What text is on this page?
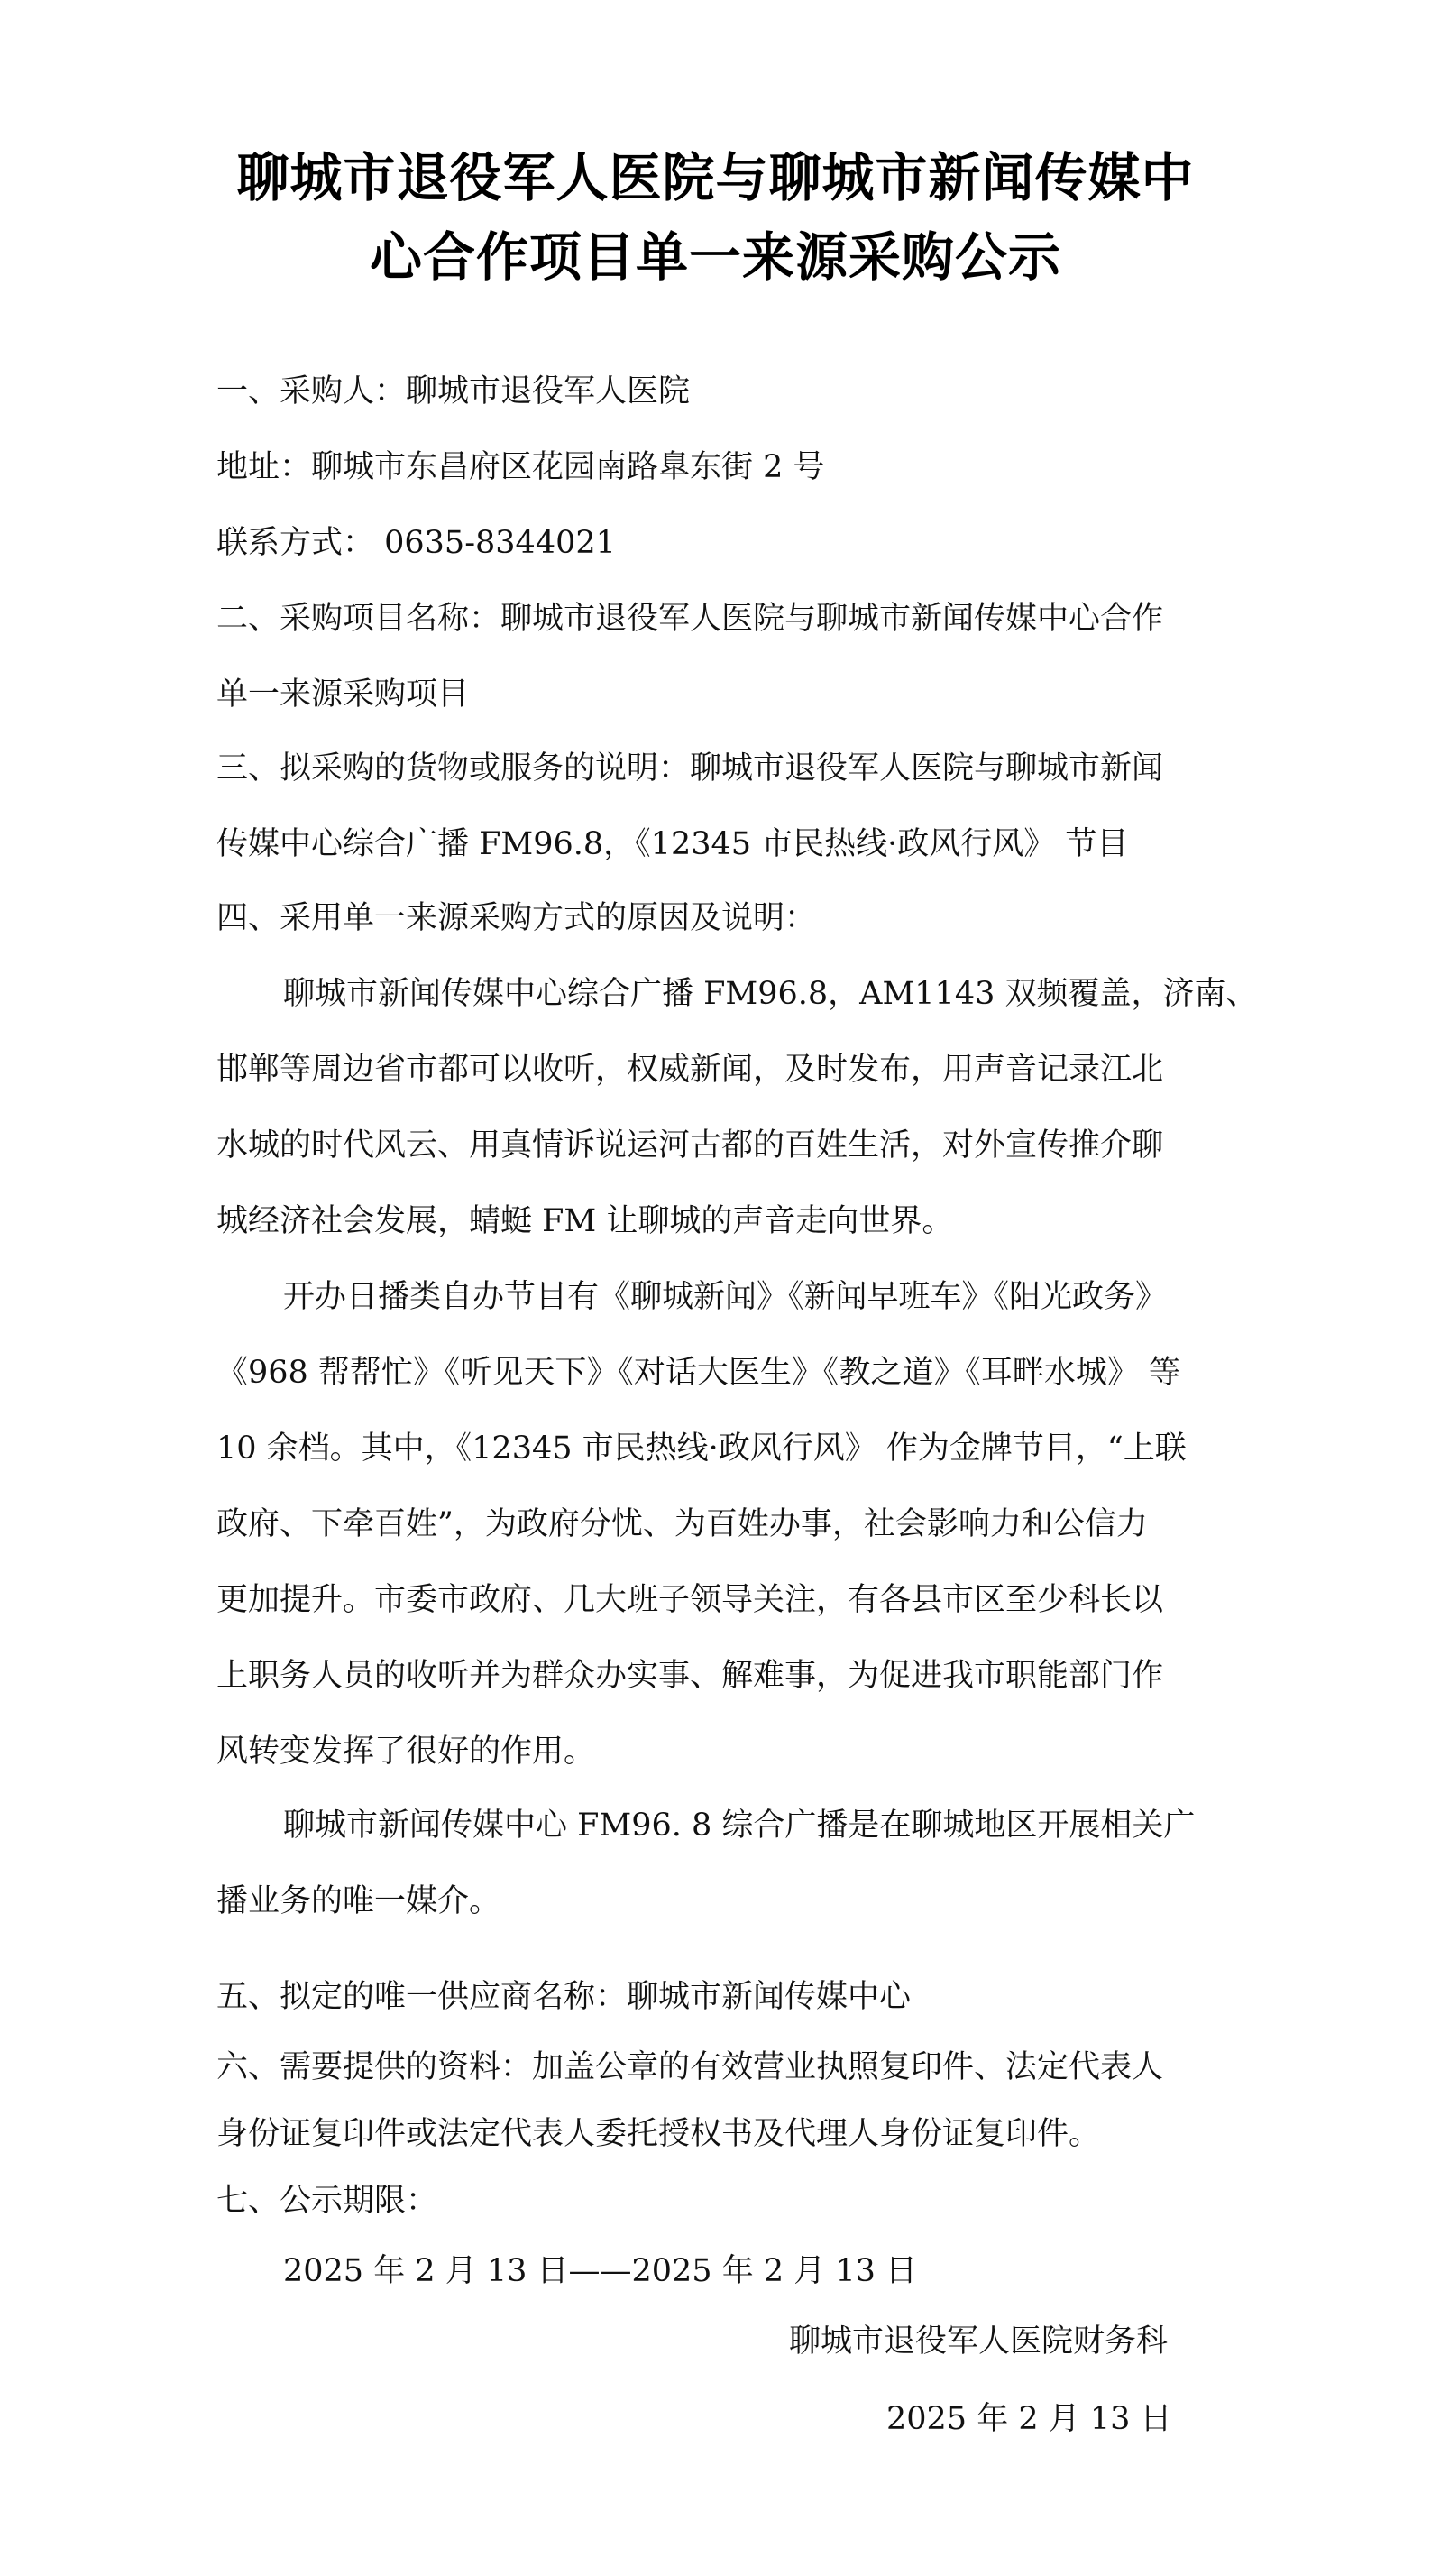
聊城市退役军人医院与聊城市新闻传媒中
心合作项目单一来源采购公示
一、采购人：聊城市退役军人医院
地址：聊城市东昌府区花园南路臯东街 2 号
联系方式： 0635-8344021
二、采购项目名称：聊城市退役军人医院与聊城市新闻传媒中心合作
单一来源采购项目
三、拟采购的货物或服务的说明：聊城市退役军人医院与聊城市新闻
传媒中心综合广播 FM96.8，《12345 市民热线·政风行风》 节目
四、采用单一来源采购方式的原因及说明：
聊城市新闻传媒中心综合广播 FM96.8，AM1143 双频覆盖，济南、
邯郸等周边省市都可以收听，权威新闻，及时发布，用声音记录江北
水城的时代风云、用真情诉说运河古都的百姓生活，对外宣传推介聊
城经济社会发展，蜻蜓 FM 让聊城的声音走向世界。
开办日播类自办节目有《聊城新闻》《新闻早班车》《阳光政务》
《968 帮帮忙》《听见天下》《对话大医生》《教之道》《耳畔水城》 等
10 余档。其中，《12345 市民热线·政风行风》 作为金牌节目，“上联
政府、下牵百姓”，为政府分忧、为百姓办事，社会影响力和公信力
更加提升。市委市政府、几大班子领导关注，有各县市区至少科长以
上职务人员的收听并为群众办实事、解难事，为促进我市职能部门作
风转变发挥了很好的作用。
聊城市新闻传媒中心 FM96. 8 综合广播是在聊城地区开展相关广
播业务的唯一媒介。
五、拟定的唯一供应商名称：聊城市新闻传媒中心
六、需要提供的资料：加盖公章的有效营业执照复印件、法定代表人
身份证复印件或法定代表人委托授权书及代理人身份证复印件。
七、公示期限：
2025 年 2 月 13 日——2025 年 2 月 13 日
聊城市退役军人医院财务科
2025 年 2 月 13 日
